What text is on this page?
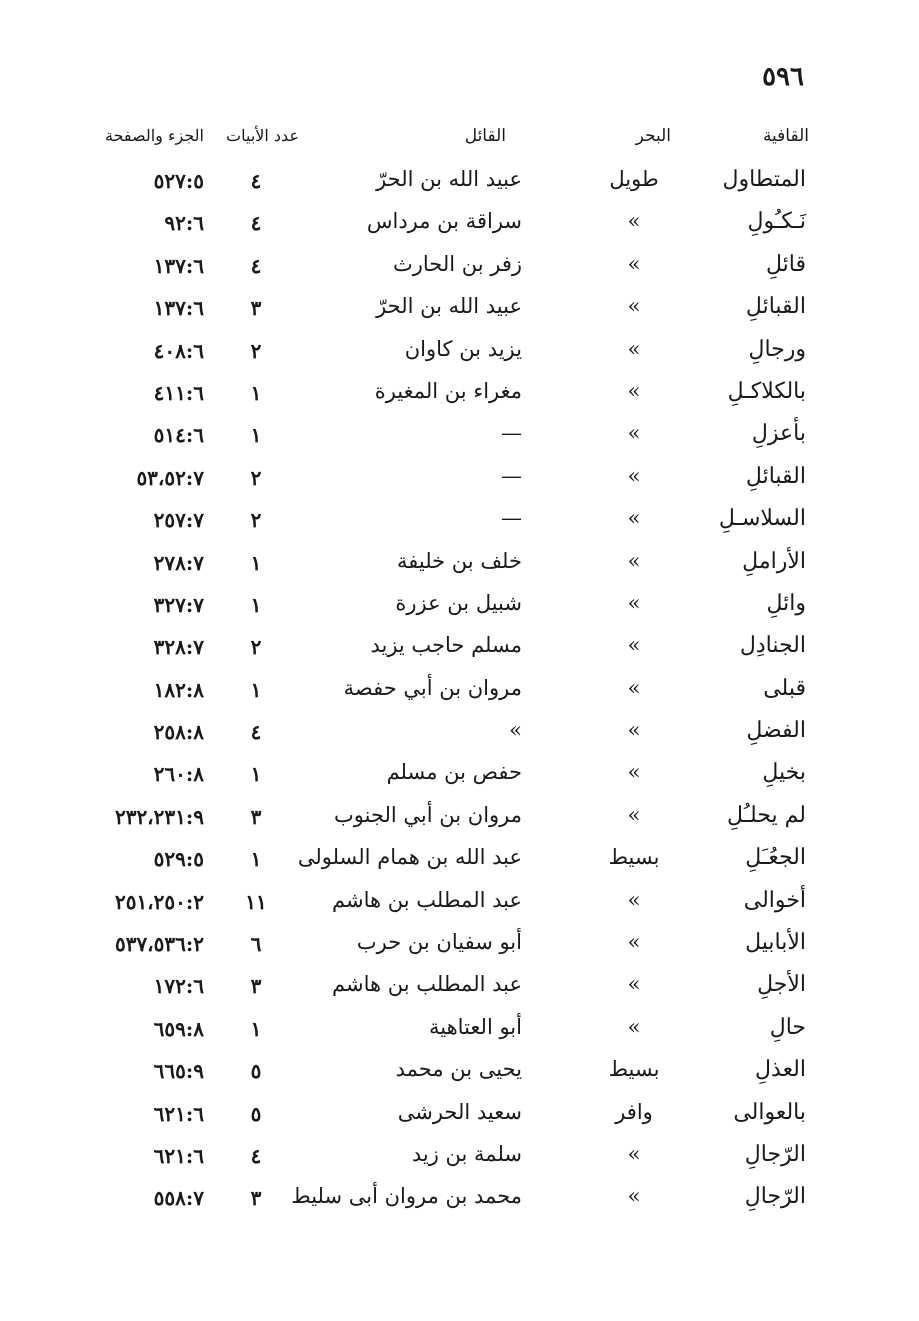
٥٩٦
القافية
البحر
القائل
عدد الأبيات
الجزء والصفحة
المتطاول
طويل
عبيد الله بن الحرّ
٤
٥٢٧:٥
نَـكـُولِ
»
سراقة بن مرداس
٤
٩٢:٦
قائلِ
»
زفر بن الحارث
٤
١٣٧:٦
القبائلِ
»
عبيد الله بن الحرّ
٣
١٣٧:٦
ورجالِ
»
يزيد بن كاوان
٢
٤٠٨:٦
بالكلاكـلِ
»
مغراء بن المغيرة
١
٤١١:٦
بأعزلِ
»
—
١
٥١٤:٦
القبائلِ
»
—
٢
٥٣،٥٢:٧
السلاسـلِ
»
—
٢
٢٥٧:٧
الأراملِ
»
خلف بن خليفة
١
٢٧٨:٧
وائلِ
»
شبيل بن عزرة
١
٣٢٧:٧
الجنادِل
»
مسلم حاجب يزيد
٢
٣٢٨:٧
قبلى
»
مروان بن أبي حفصة
١
١٨٢:٨
الفضلِ
»
»
٤
٢٥٨:٨
بخيلِ
»
حفص بن مسلم
١
٢٦٠:٨
لم يحلـُلِ
»
مروان بن أبي الجنوب
٣
٢٣٢،٢٣١:٩
الجعُـَلِ
بسيط
عبد الله بن همام السلولى
١
٥٢٩:٥
أخوالى
»
عبد المطلب بن هاشم
١١
٢٥١،٢٥٠:٢
الأبابيل
»
أبو سفيان بن حرب
٦
٥٣٧،٥٣٦:٢
الأجلِ
»
عبد المطلب بن هاشم
٣
١٧٢:٦
حالِ
»
أبو العتاهية
١
٦٥٩:٨
العذلِ
بسيط
يحيى بن محمد
٥
٦٦٥:٩
بالعوالى
وافر
سعيد الحرشى
٥
٦٢١:٦
الرّجالِ
»
سلمة بن زيد
٤
٦٢١:٦
الرّجالِ
»
محمد بن مروان أبى سليط
٣
٥٥٨:٧
